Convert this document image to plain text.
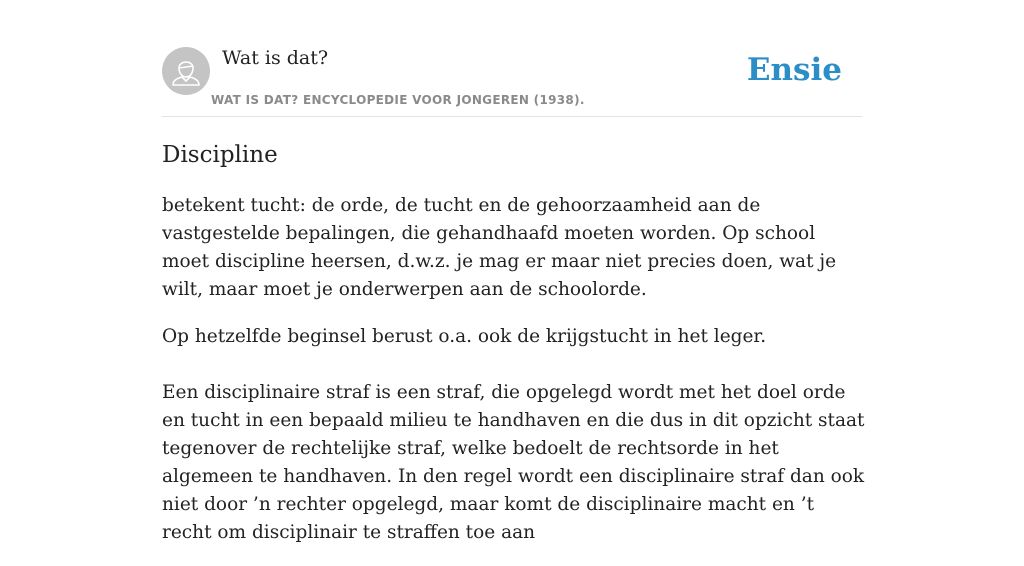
Wat is dat?
WAT IS DAT? ENCYCLOPEDIE VOOR JONGEREN (1938).
Ensie
Discipline

betekent tucht: de orde, de tucht en de gehoorzaamheid aan de vastgestelde bepalingen, die gehandhaafd moeten worden. Op school moet discipline heersen, d.w.z. je mag er maar niet precies doen, wat je wilt, maar moet je onderwerpen aan de schoolorde.

Op hetzelfde beginsel berust o.a. ook de krijgstucht in het leger.

Een disciplinaire straf is een straf, die opgelegd wordt met het doel orde en tucht in een bepaald milieu te handhaven en die dus in dit opzicht staat tegenover de rechtelijke straf, welke bedoelt de rechtsorde in het algemeen te handhaven. In den regel wordt een disciplinaire straf dan ook niet door ’n rechter opgelegd, maar komt de disciplinaire macht en ’t recht om disciplinair te straffen toe aan
